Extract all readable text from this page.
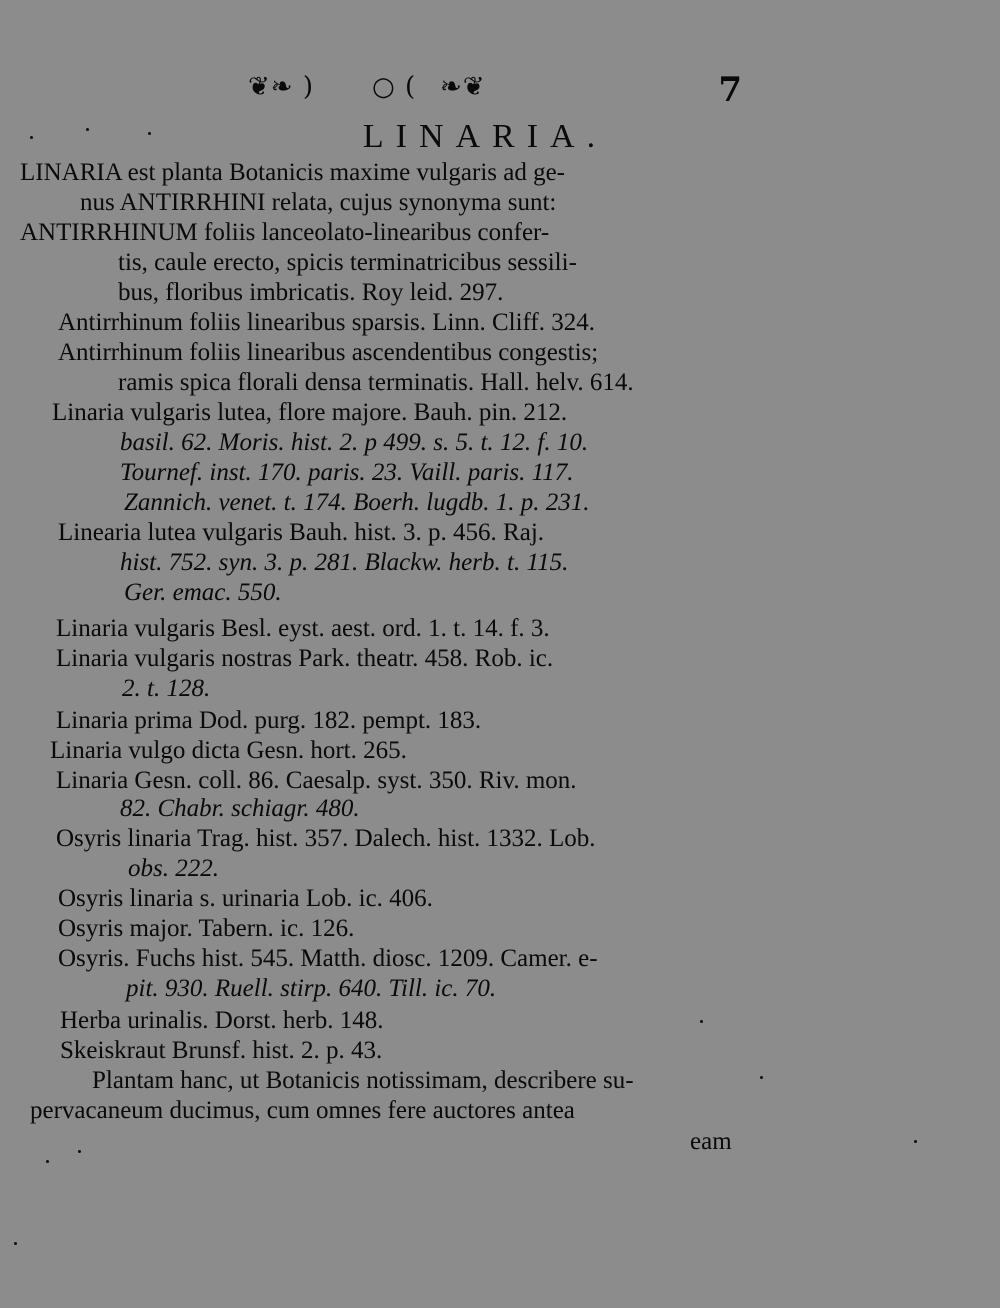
❦❧ ) ○ ( ❧❦	7
LINARIA.
LINARIA est planta Botanicis maxime vulgaris ad ge-
nus ANTIRRHINI relata, cujus synonyma sunt:
ANTIRRHINUM foliis lanceolato-linearibus confer-
tis, caule erecto, spicis terminatricibus sessili-
bus, floribus imbricatis. Roy leid. 297.
Antirrhinum foliis linearibus sparsis. Linn. Cliff. 324.
Antirrhinum foliis linearibus ascendentibus congestis;
ramis spica florali densa terminatis. Hall. helv. 614.
Linaria vulgaris lutea, flore majore. Bauh. pin. 212.
basil. 62. Moris. hist. 2. p 499. s. 5. t. 12. f. 10.
Tournef. inst. 170. paris. 23. Vaill. paris. 117.
Zannich. venet. t. 174. Boerh. lugdb. 1. p. 231.
Linearia lutea vulgaris Bauh. hist. 3. p. 456. Raj.
hist. 752. syn. 3. p. 281. Blackw. herb. t. 115.
Ger. emac. 550.
Linaria vulgaris Besl. eyst. aest. ord. 1. t. 14. f. 3.
Linaria vulgaris nostras Park. theatr. 458. Rob. ic.
2. t. 128.
Linaria prima Dod. purg. 182. pempt. 183.
Linaria vulgo dicta Gesn. hort. 265.
Linaria Gesn. coll. 86. Caesalp. syst. 350. Riv. mon.
82. Chabr. schiagr. 480.
Osyris linaria Trag. hist. 357. Dalech. hist. 1332. Lob.
obs. 222.
Osyris linaria s. urinaria Lob. ic. 406.
Osyris major. Tabern. ic. 126.
Osyris. Fuchs hist. 545. Matth. diosc. 1209. Camer. e-
pit. 930. Ruell. stirp. 640. Till. ic. 70.
Herba urinalis. Dorst. herb. 148.
Skeiskraut Brunsf. hist. 2. p. 43.
Plantam hanc, ut Botanicis notissimam, describere su-
pervacaneum ducimus, cum omnes fere auctores antea
eam
